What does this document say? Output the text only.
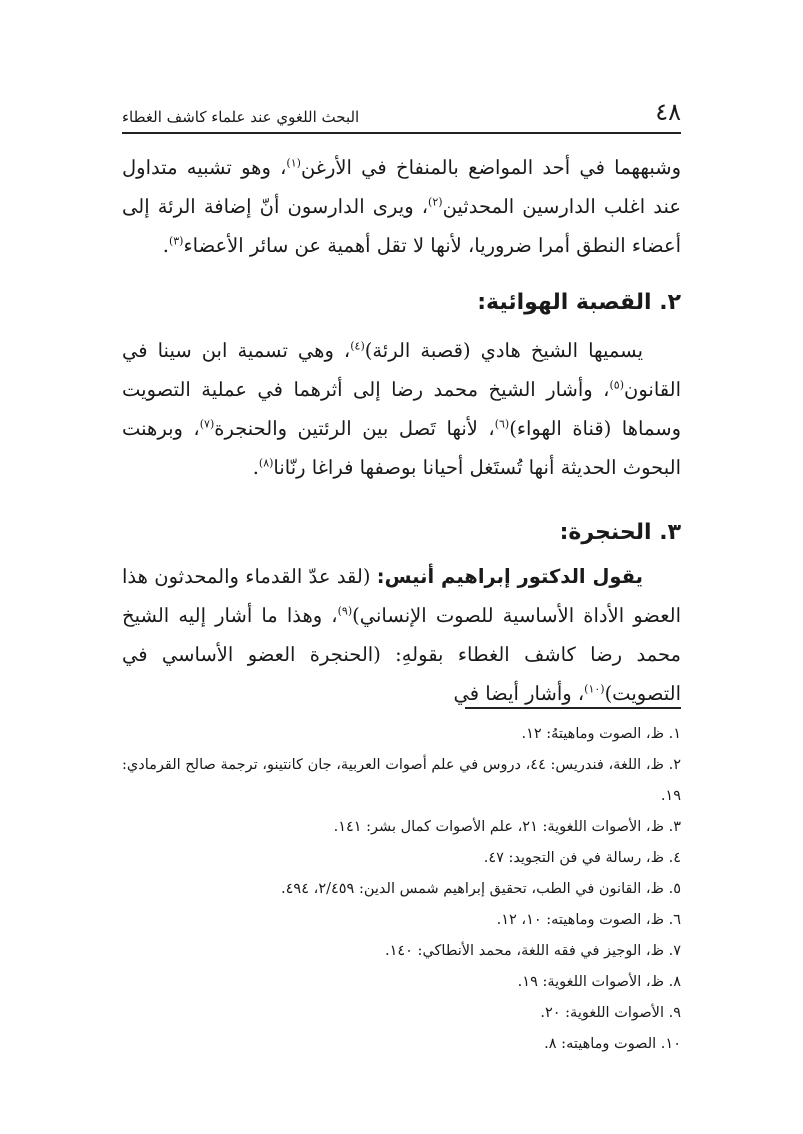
٤٨
البحث اللغوي عند علماء كاشف الغطاء

وشبههما في أحد المواضع بالمنفاخ في الأرغن$^{(١)}$، وهو تشبيه متداول عند اغلب الدارسين المحدثين$^{(٢)}$، ويرى الدارسون أنّ إضافة الرئة إلى أعضاء النطق أمرا ضروريا، لأنها لا تقل أهمية عن سائر الأعضاء$^{(٣)}$.

٢. القصبة الهوائية:

يسميها الشيخ هادي (قصبة الرئة)$^{(٤)}$، وهي تسمية ابن سينا في القانون$^{(٥)}$، وأشار الشيخ محمد رضا إلى أثرهما في عملية التصويت وسماها (قناة الهواء)$^{(٦)}$، لأنها تَصل بين الرئتين والحنجرة$^{(٧)}$، وبرهنت البحوث الحديثة أنها تُستَغل أحيانا بوصفها فراغا رنّانا$^{(٨)}$.

٣. الحنجرة:

يقول الدكتور إبراهيم أنيس: (لقد عدّ القدماء والمحدثون هذا العضو الأداة الأساسية للصوت الإنساني)$^{(٩)}$، وهذا ما أشار إليه الشيخ محمد رضا كاشف الغطاء بقولهِ: (الحنجرة العضو الأساسي في التصويت)$^{(١٠)}$، وأشار أيضا في

١. ظ، الصوت وماهيتهُ: ١٢.

٢. ظ، اللغة، فندريس: ٤٤، دروس في علم أصوات العربية، جان كانتينو، ترجمة صالح القرمادي: ١٩.

٣. ظ، الأصوات اللغوية: ٢١، علم الأصوات كمال بشر: ١٤١.

٤. ظ، رسالة في فن التجويد: ٤٧.

٥. ظ، القانون في الطب، تحقيق إبراهيم شمس الدين: ٢/٤٥٩، ٤٩٤.

٦. ظ، الصوت وماهيته: ١٠، ١٢.

٧. ظ، الوجيز في فقه اللغة، محمد الأنطاكي: ١٤٠.

٨. ظ، الأصوات اللغوية: ١٩.

٩. الأصوات اللغوية: ٢٠.

١٠. الصوت وماهيته: ٨.
